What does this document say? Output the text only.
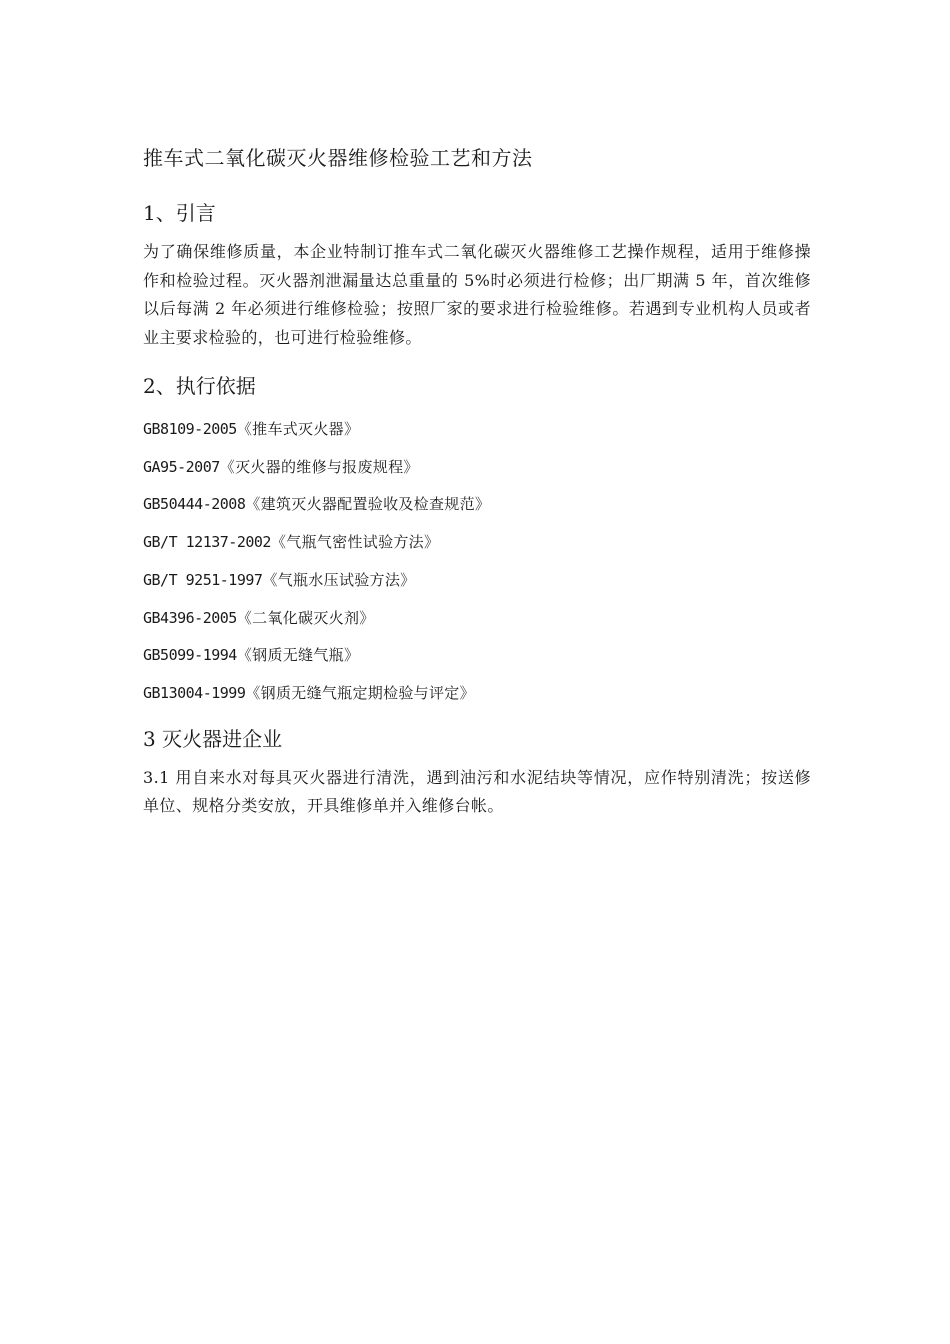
推车式二氧化碳灭火器维修检验工艺和方法
1、引言

为了确保维修质量，本企业特制订推车式二氧化碳灭火器维修工艺操作规程，适用于维修操作和检验过程。灭火器剂泄漏量达总重量的 5%时必须进行检修；出厂期满 5 年，首次维修以后每满 2 年必须进行维修检验；按照厂家的要求进行检验维修。若遇到专业机构人员或者业主要求检验的，也可进行检验维修。

2、执行依据
GB8109-2005《推车式灭火器》
GA95-2007《灭火器的维修与报废规程》
GB50444-2008《建筑灭火器配置验收及检查规范》
GB/T 12137-2002《气瓶气密性试验方法》
GB/T 9251-1997《气瓶水压试验方法》
GB4396-2005《二氧化碳灭火剂》
GB5099-1994《钢质无缝气瓶》
GB13004-1999《钢质无缝气瓶定期检验与评定》
3 灭火器进企业

3.1 用自来水对每具灭火器进行清洗，遇到油污和水泥结块等情况，应作特别清洗；按送修单位、规格分类安放，开具维修单并入维修台帐。
